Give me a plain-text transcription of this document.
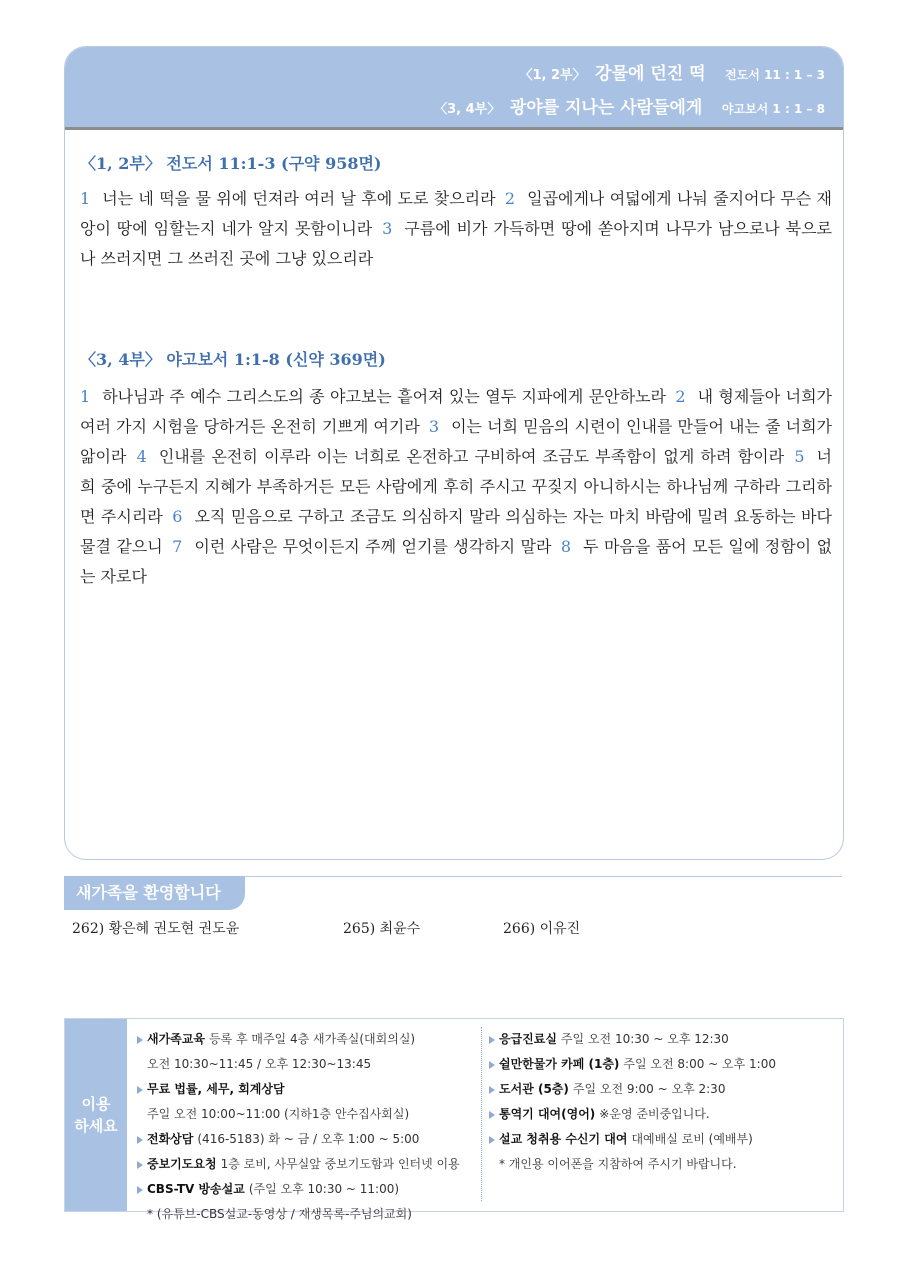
〈1, 2부〉 강물에 던진 떡 전도서 11 : 1 – 3
〈3, 4부〉 광야를 지나는 사람들에게 야고보서 1 : 1 – 8
〈1, 2부〉 전도서 11:1-3 (구약 958면)

1 너는 네 떡을 물 위에 던져라 여러 날 후에 도로 찾으리라 2 일곱에게나 여덟에게 나눠 줄지어다 무슨 재앙이 땅에 임할는지 네가 알지 못함이니라 3 구름에 비가 가득하면 땅에 쏟아지며 나무가 남으로나 북으로나 쓰러지면 그 쓰러진 곳에 그냥 있으리라

〈3, 4부〉 야고보서 1:1-8 (신약 369면)

1 하나님과 주 예수 그리스도의 종 야고보는 흩어져 있는 열두 지파에게 문안하노라 2 내 형제들아 너희가 여러 가지 시험을 당하거든 온전히 기쁘게 여기라 3 이는 너희 믿음의 시련이 인내를 만들어 내는 줄 너희가 앎이라 4 인내를 온전히 이루라 이는 너희로 온전하고 구비하여 조금도 부족함이 없게 하려 함이라 5 너희 중에 누구든지 지혜가 부족하거든 모든 사람에게 후히 주시고 꾸짖지 아니하시는 하나님께 구하라 그리하면 주시리라 6 오직 믿음으로 구하고 조금도 의심하지 말라 의심하는 자는 마치 바람에 밀려 요동하는 바다 물결 같으니 7 이런 사람은 무엇이든지 주께 얻기를 생각하지 말라 8 두 마음을 품어 모든 일에 정함이 없는 자로다

새가족을 환영합니다
262) 황은혜 권도현 권도윤	265) 최윤수	266) 이유진
이용
하세요
새가족교육 등록 후 매주일 4층 새가족실(대회의실)
오전 10:30~11:45 / 오후 12:30~13:45
무료 법률, 세무, 회계상담
주일 오전 10:00~11:00 (지하1층 안수집사회실)
전화상담 (416-5183) 화 ~ 금 / 오후 1:00 ~ 5:00
중보기도요청 1층 로비, 사무실앞 중보기도함과 인터넷 이용
CBS-TV 방송설교 (주일 오후 10:30 ~ 11:00)
* (유튜브-CBS설교-동영상 / 재생목록-주님의교회)
응급진료실 주일 오전 10:30 ~ 오후 12:30
쉴만한물가 카페 (1층) 주일 오전 8:00 ~ 오후 1:00
도서관 (5층) 주일 오전 9:00 ~ 오후 2:30
통역기 대여(영어) ※운영 준비중입니다.
설교 청취용 수신기 대여 대예배실 로비 (예배부)
* 개인용 이어폰을 지참하여 주시기 바랍니다.
